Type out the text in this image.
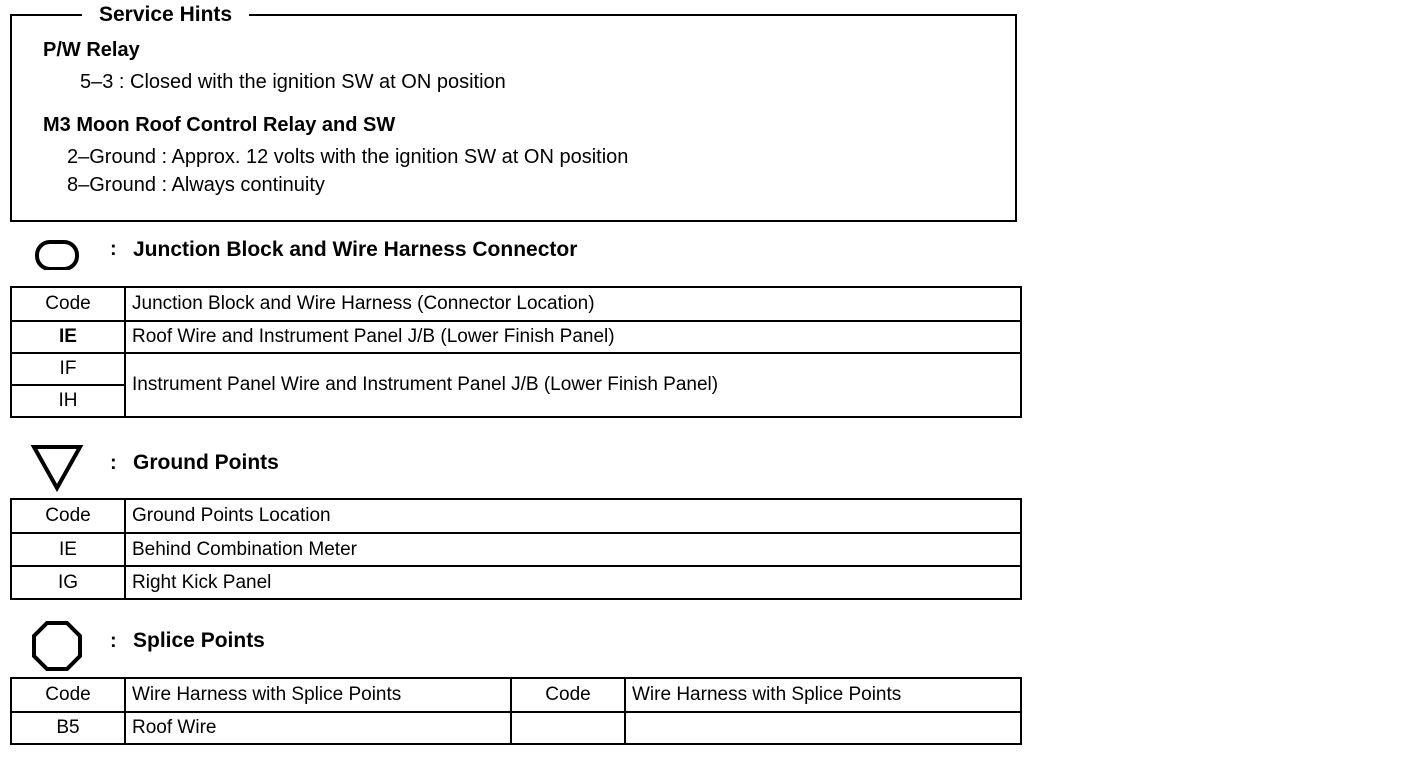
Service Hints
P/W Relay
5–3 : Closed with the ignition SW at ON position
M3 Moon Roof Control Relay and SW
2–Ground : Approx. 12 volts with the ignition SW at ON position
8–Ground : Always continuity
: Junction Block and Wire Harness Connector
Code	Junction Block and Wire Harness (Connector Location)
IE	Roof Wire and Instrument Panel J/B (Lower Finish Panel)
IF	Instrument Panel Wire and Instrument Panel J/B (Lower Finish Panel)
IH	
: Ground Points
Code	Ground Points Location
IE	Behind Combination Meter
IG	Right Kick Panel
: Splice Points
Code	Wire Harness with Splice Points	Code	Wire Harness with Splice Points
B5	Roof Wire		
